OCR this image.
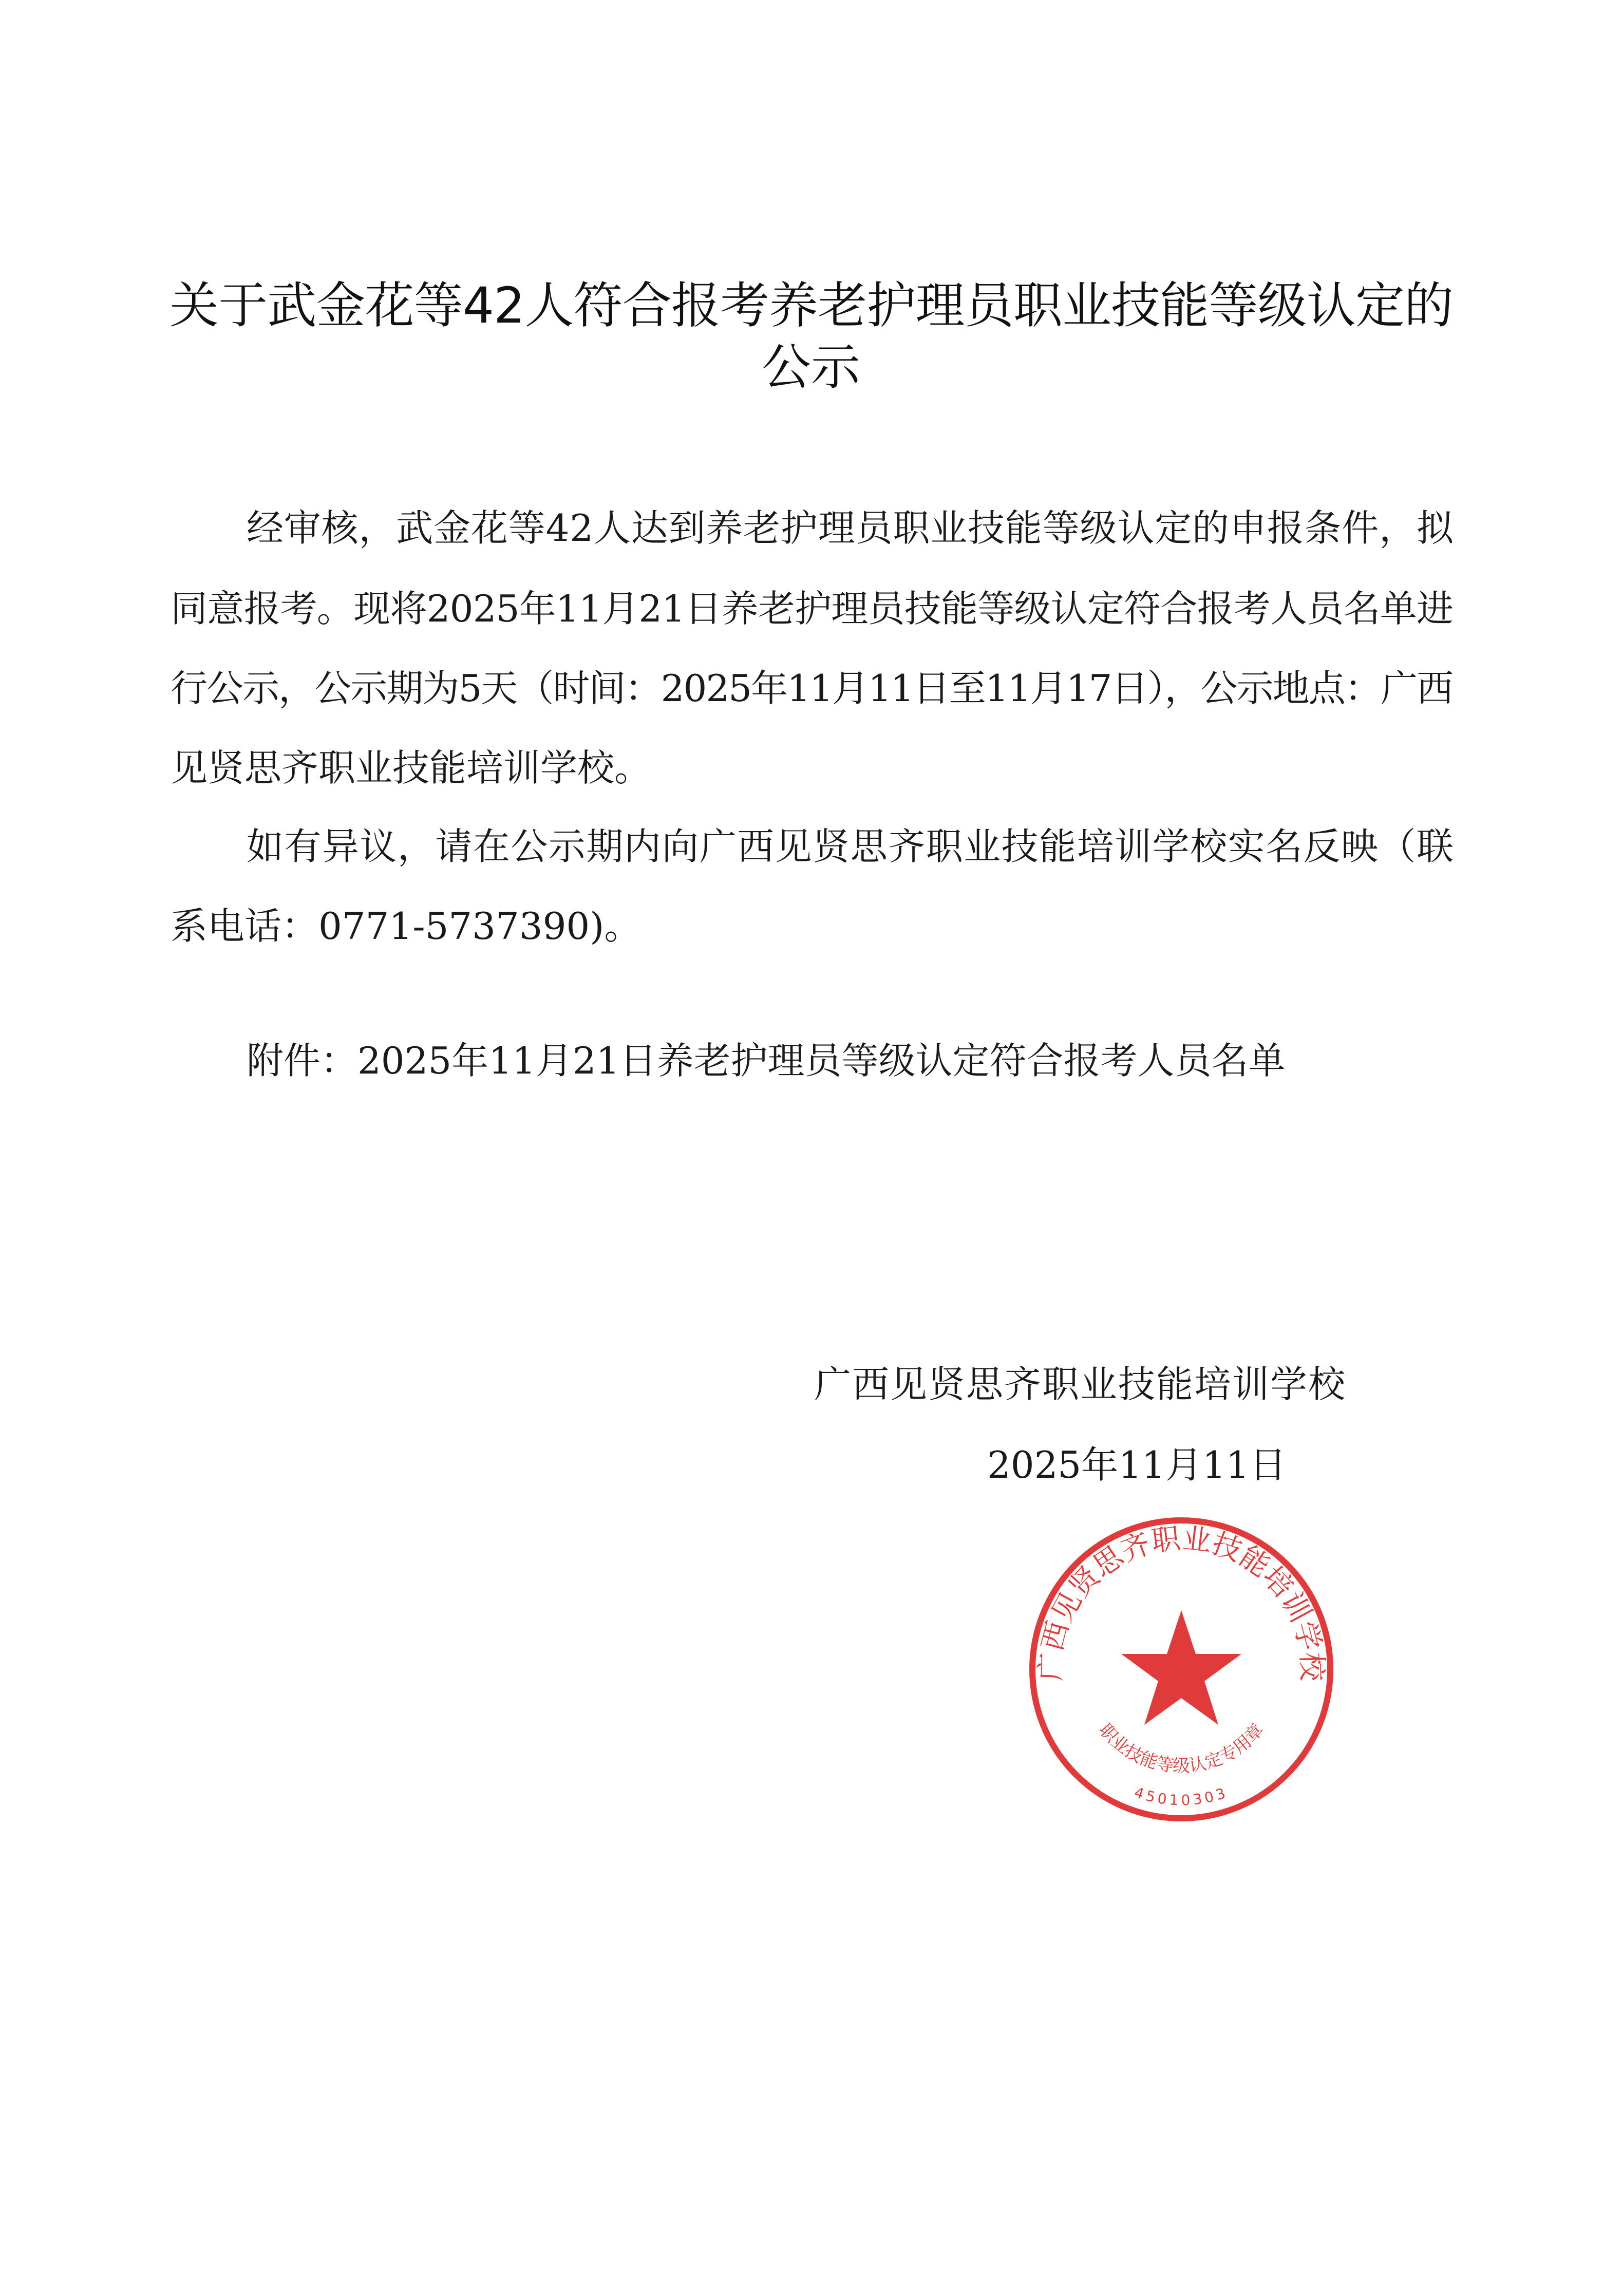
关于武金花等42人符合报考养老护理员职业技能等级认定的
公示
经审核，武金花等42人达到养老护理员职业技能等级认定的申报条件，拟
同意报考。现将2025年11月21日养老护理员技能等级认定符合报考人员名单进
行公示，公示期为5天（时间：2025年11月11日至11月17日），公示地点：广西
见贤思齐职业技能培训学校。
如有异议，请在公示期内向广西见贤思齐职业技能培训学校实名反映（联
系电话：0771-5737390)。
附件：2025年11月21日养老护理员等级认定符合报考人员名单
广西见贤思齐职业技能培训学校
2025年11月11日
广西见贤思齐职业技能培训学校
职业技能等级认定专用章
45010303
